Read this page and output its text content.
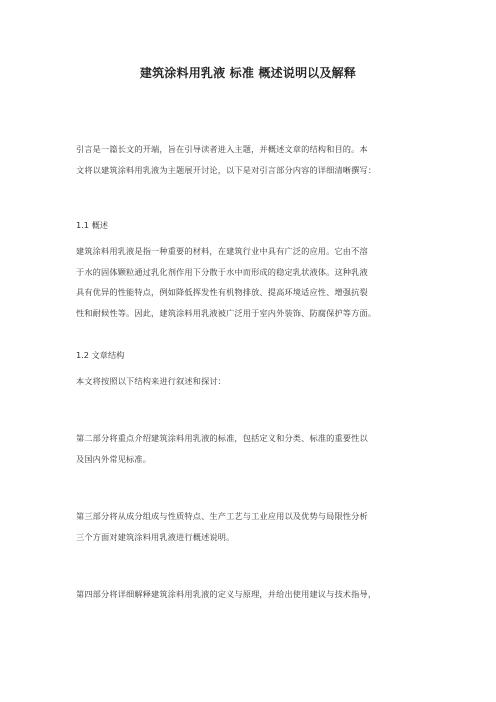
建筑涂料用乳液 标准 概述说明以及解释
引言是一篇长文的开端，旨在引导读者进入主题，并概述文章的结构和目的。本
文将以建筑涂料用乳液为主题展开讨论，以下是对引言部分内容的详细清晰撰写：
1.1 概述
建筑涂料用乳液是指一种重要的材料，在建筑行业中具有广泛的应用。它由不溶
于水的固体颗粒通过乳化剂作用下分散于水中而形成的稳定乳状液体。这种乳液
具有优异的性能特点，例如降低挥发性有机物排放、提高环境适应性、增强抗裂
性和耐候性等。因此，建筑涂料用乳液被广泛用于室内外装饰、防腐保护等方面。
1.2 文章结构
本文将按照以下结构来进行叙述和探讨：
第二部分将重点介绍建筑涂料用乳液的标准，包括定义和分类、标准的重要性以
及国内外常见标准。
第三部分将从成分组成与性质特点、生产工艺与工业应用以及优势与局限性分析
三个方面对建筑涂料用乳液进行概述说明。
第四部分将详细解释建筑涂料用乳液的定义与原理，并给出使用建议与技术指导，
